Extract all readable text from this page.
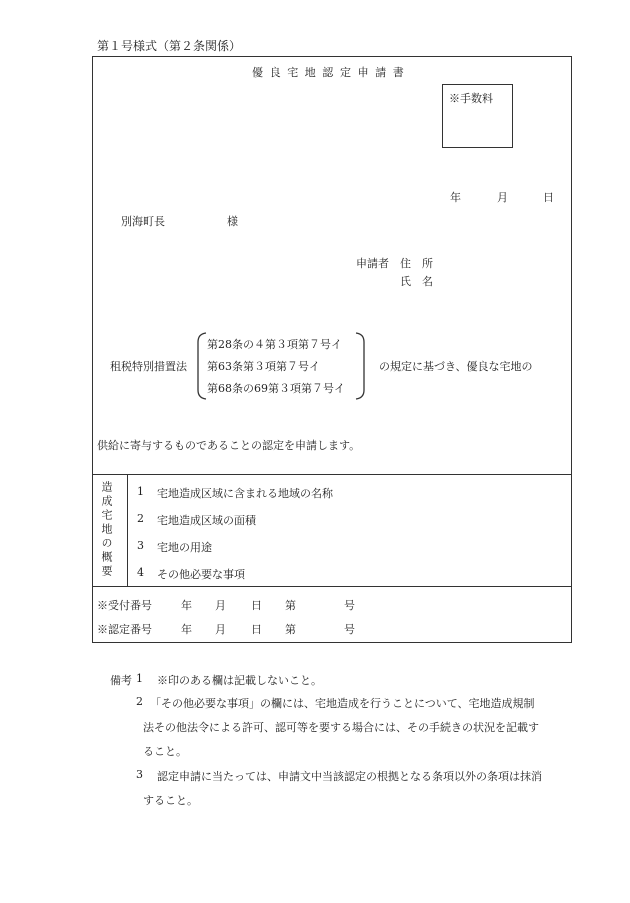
第１号様式（第２条関係）
優良宅地認定申請書
※手数料
年	月	日
別海町長	様
申請者 住　所
氏　名
租税特別措置法
第28条の４第３項第７号イ
第63条第３項第７号イ
第68条の69第３項第７号イ
の規定に基づき、優良な宅地の
供給に寄与するものであることの認定を申請します。
造成宅地の概要 1 宅地造成区域に含まれる地域の名称
2 宅地造成区域の面積
3 宅地の用途
4 その他必要な事項
※受付番号	年 月 日 第	号
※認定番号	年 月 日 第	号
備考 1 ※印のある欄は記載しないこと。
2 「その他必要な事項」の欄には、宅地造成を行うことについて、宅地造成規制
法その他法令による許可、認可等を要する場合には、その手続きの状況を記載す
ること。
3 認定申請に当たっては、申請文中当該認定の根拠となる条項以外の条項は抹消
すること。
